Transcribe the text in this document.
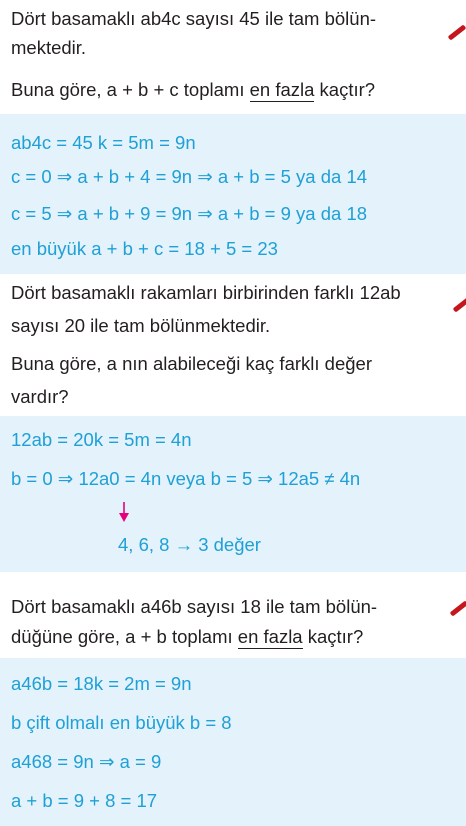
Dört basamaklı ab4c sayısı 45 ile tam bölün-
mektedir.
Buna göre, a + b + c toplamı en fazla kaçtır?
ab4c = 45 k = 5m = 9n
c = 0 ⇒ a + b + 4 = 9n ⇒ a + b = 5 ya da 14
c = 5 ⇒ a + b + 9 = 9n ⇒ a + b = 9 ya da 18
en büyük a + b + c = 18 + 5 = 23
Dört basamaklı rakamları birbirinden farklı 12ab
sayısı 20 ile tam bölünmektedir.
Buna göre, a nın alabileceği kaç farklı değer
vardır?
12ab = 20k = 5m = 4n
b = 0 ⇒ 12a0 = 4n veya b = 5 ⇒ 12a5 ≠ 4n
4, 6, 8 → 3 değer
Dört basamaklı a46b sayısı 18 ile tam bölün-
düğüne göre, a + b toplamı en fazla kaçtır?
a46b = 18k = 2m = 9n
b çift olmalı en büyük b = 8
a468 = 9n ⇒ a = 9
a + b = 9 + 8 = 17
